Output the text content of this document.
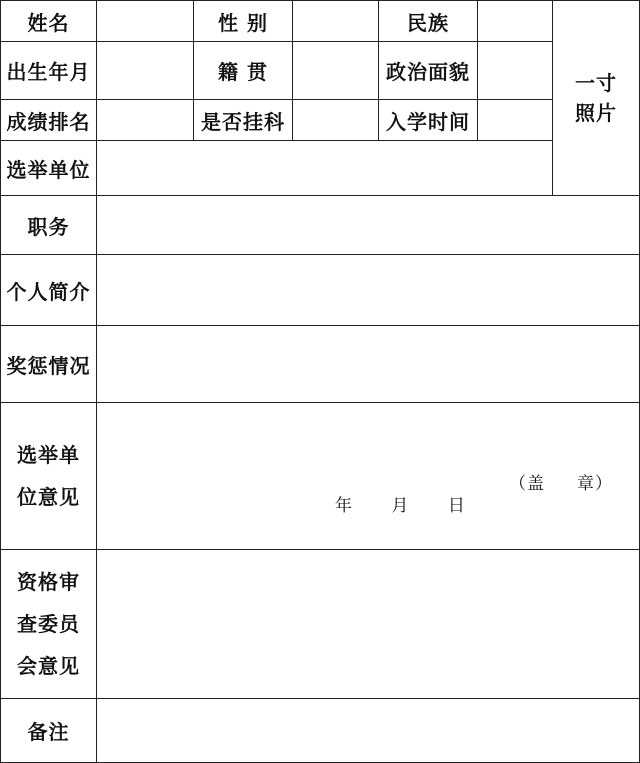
姓名	性 别	民族
出生年月	籍 贯	政治面貌
成绩排名	是否挂科	入学时间
一寸
照片
选举单位
职务
个人简介
奖惩情况
选举单
位意见
（盖     章）
年      月      日
资格审
查委员
会意见
备注
